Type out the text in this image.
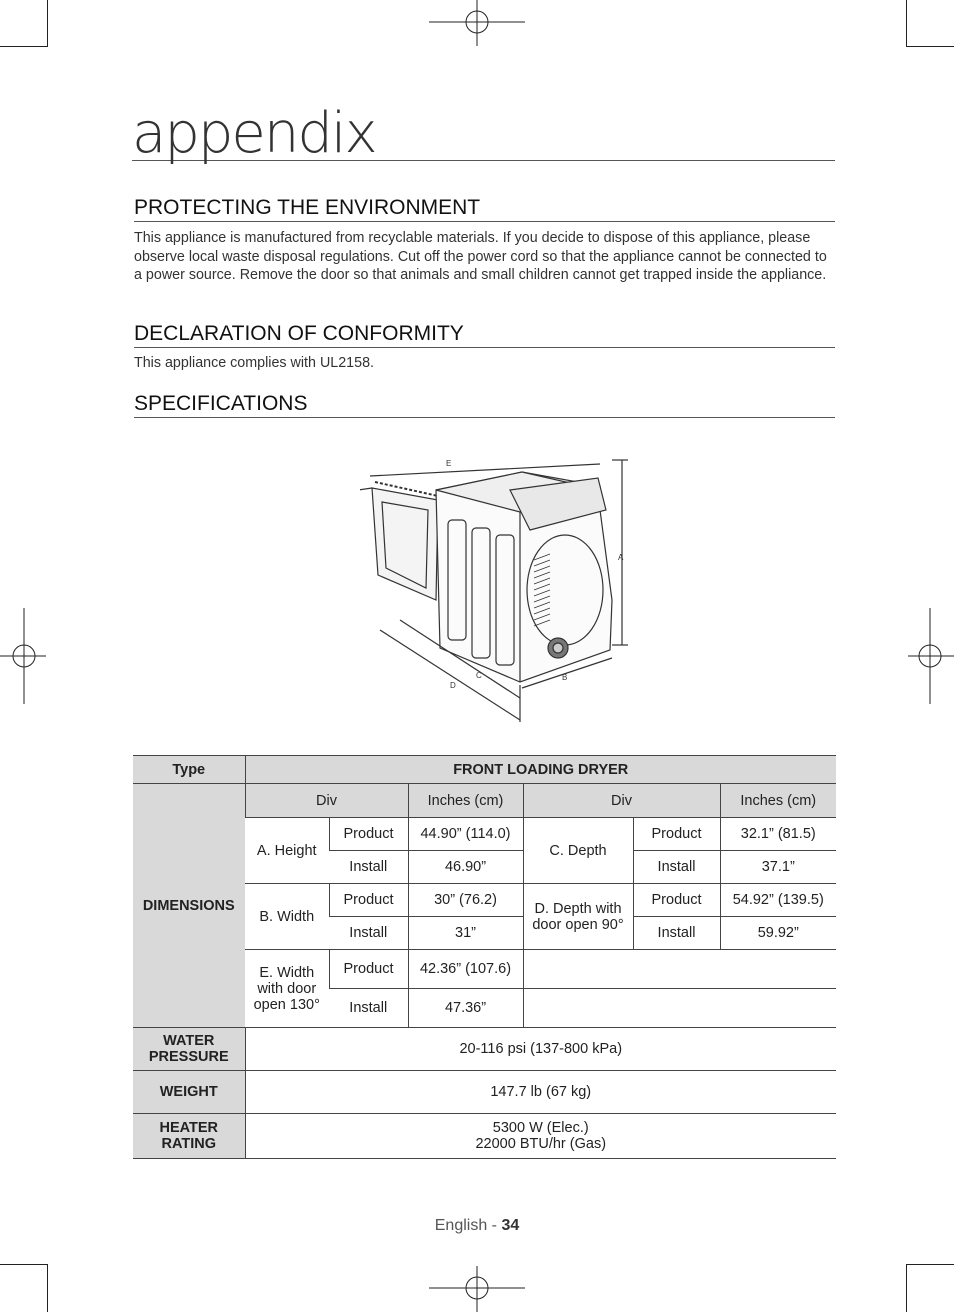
appendix
PROTECTING THE ENVIRONMENT
This appliance is manufactured from recyclable materials. If you decide to dispose of this appliance, please observe local waste disposal regulations. Cut off the power cord so that the appliance cannot be connected to a power source. Remove the door so that animals and small children cannot get trapped inside the appliance.
DECLARATION OF CONFORMITY
This appliance complies with UL2158.
SPECIFICATIONS
E
A
B
C
D
Type	FRONT LOADING DRYER					
DIMENSIONS	Div		Inches (cm)	Div		Inches (cm)
	A. Height	Product	44.90” (114.0)	C. Depth	Product	32.1” (81.5)
		Install	46.90”		Install	37.1”
	B. Width	Product	30” (76.2)	D. Depth with door open 90°	Product	54.92” (139.5)
		Install	31”		Install	59.92”
	E. Width with door open 130°	Product	42.36” (107.6)			
		Install	47.36”			
WATER PRESSURE	20-116 psi (137-800 kPa)					
WEIGHT	147.7 lb (67 kg)					
HEATER RATING	5300 W (Elec.)
22000 BTU/hr (Gas)					
English - 34
